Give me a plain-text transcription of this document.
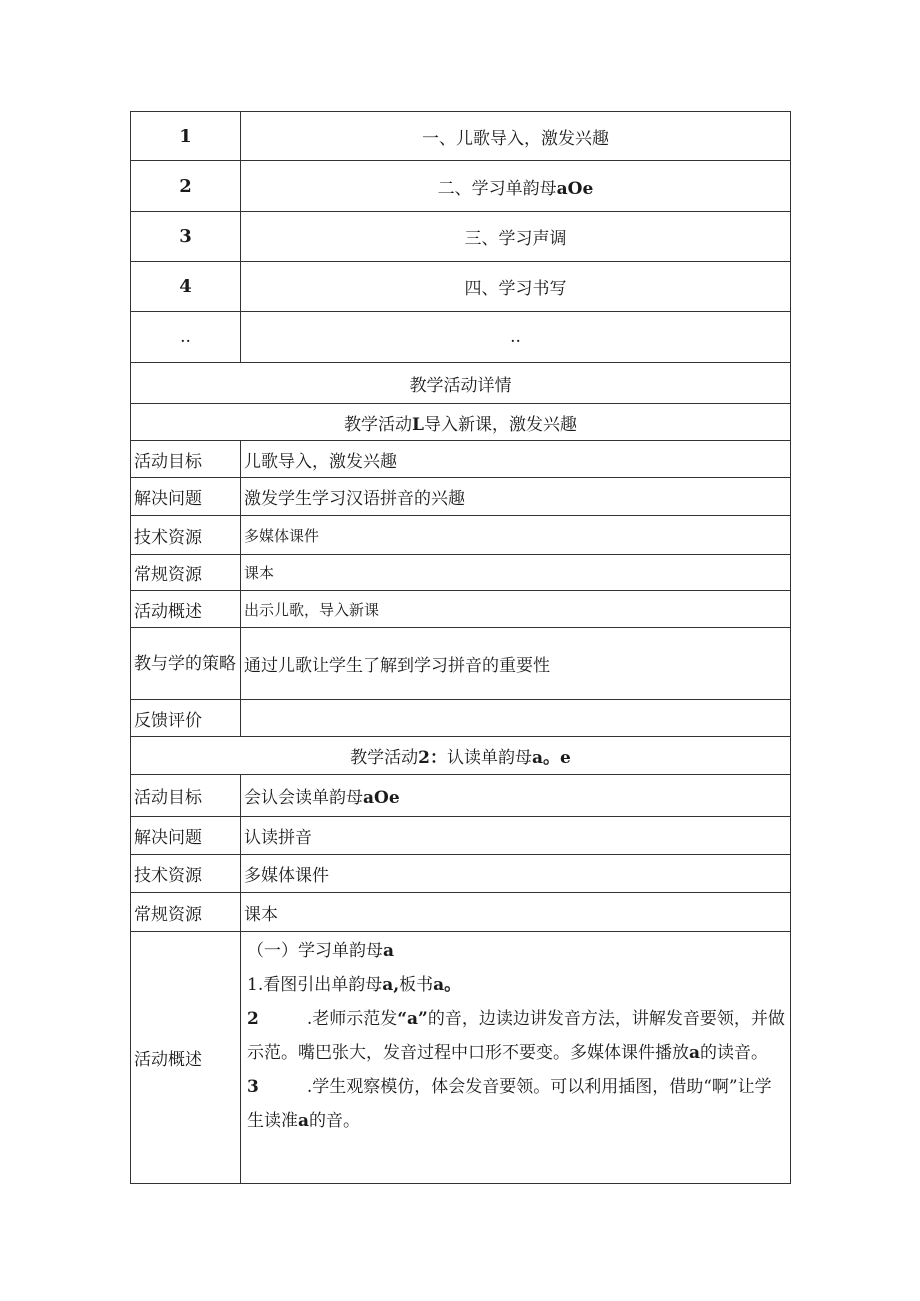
1	一、儿歌导入，激发兴趣
2	二、学习单韵母aOe
3	三、学习声调
4	四、学习书写
..	..
教学活动详情	
教学活动L导入新课，激发兴趣	
活动目标	儿歌导入，激发兴趣
解决问题	激发学生学习汉语拼音的兴趣
技术资源	多媒体课件
常规资源	课本
活动概述	出示儿歌，导入新课
教与学的策略	通过儿歌让学生了解到学习拼音的重要性
反馈评价	
教学活动2：认读单韵母a。e	
活动目标	会认会读单韵母aOe
解决问题	认读拼音
技术资源	多媒体课件
常规资源	课本
活动概述	（一）学习单韵母a

1.看图引出单韵母a,板书a。

2 .老师示范发“a”的音，边读边讲发音方法，讲解发音要领，并做示范。嘴巴张大，发音过程中口形不要变。多媒体课件播放a的读音。

3 .学生观察模仿，体会发音要领。可以利用插图，借助“啊”让学生读准a的音。
